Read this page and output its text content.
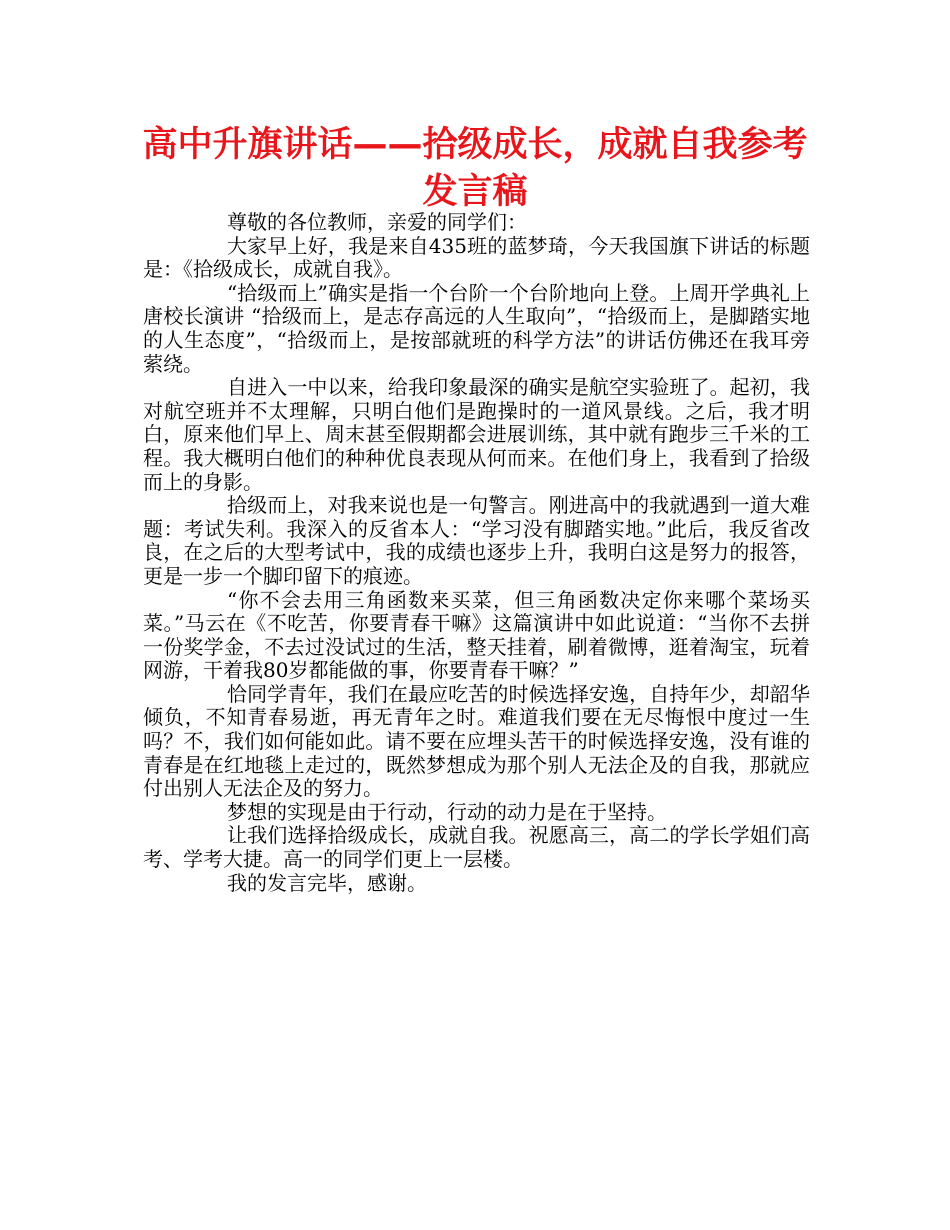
高中升旗讲话——拾级成长，成就自我参考发言稿

尊敬的各位教师，亲爱的同学们：

大家早上好，我是来自435班的蓝梦琦，今天我国旗下讲话的标题是：《拾级成长，成就自我》。

“拾级而上”确实是指一个台阶一个台阶地向上登。上周开学典礼上唐校长演讲 “拾级而上，是志存高远的人生取向”，“拾级而上，是脚踏实地的人生态度”，“拾级而上，是按部就班的科学方法”的讲话仿佛还在我耳旁萦绕。

自进入一中以来，给我印象最深的确实是航空实验班了。起初，我对航空班并不太理解，只明白他们是跑操时的一道风景线。之后，我才明白，原来他们早上、周末甚至假期都会进展训练，其中就有跑步三千米的工程。我大概明白他们的种种优良表现从何而来。在他们身上，我看到了拾级而上的身影。

拾级而上，对我来说也是一句警言。刚进高中的我就遇到一道大难题：考试失利。我深入的反省本人：“学习没有脚踏实地。”此后，我反省改良，在之后的大型考试中，我的成绩也逐步上升，我明白这是努力的报答，更是一步一个脚印留下的痕迹。

“你不会去用三角函数来买菜，但三角函数决定你来哪个菜场买菜。”马云在《不吃苦，你要青春干嘛》这篇演讲中如此说道：“当你不去拼一份奖学金，不去过没试过的生活，整天挂着，刷着微博，逛着淘宝，玩着网游，干着我80岁都能做的事，你要青春干嘛？”

恰同学青年，我们在最应吃苦的时候选择安逸，自持年少，却韶华倾负，不知青春易逝，再无青年之时。难道我们要在无尽悔恨中度过一生吗？不，我们如何能如此。请不要在应埋头苦干的时候选择安逸，没有谁的青春是在红地毯上走过的，既然梦想成为那个别人无法企及的自我，那就应付出别人无法企及的努力。

梦想的实现是由于行动，行动的动力是在于坚持。

让我们选择拾级成长，成就自我。祝愿高三，高二的学长学姐们高考、学考大捷。高一的同学们更上一层楼。

我的发言完毕，感谢。
